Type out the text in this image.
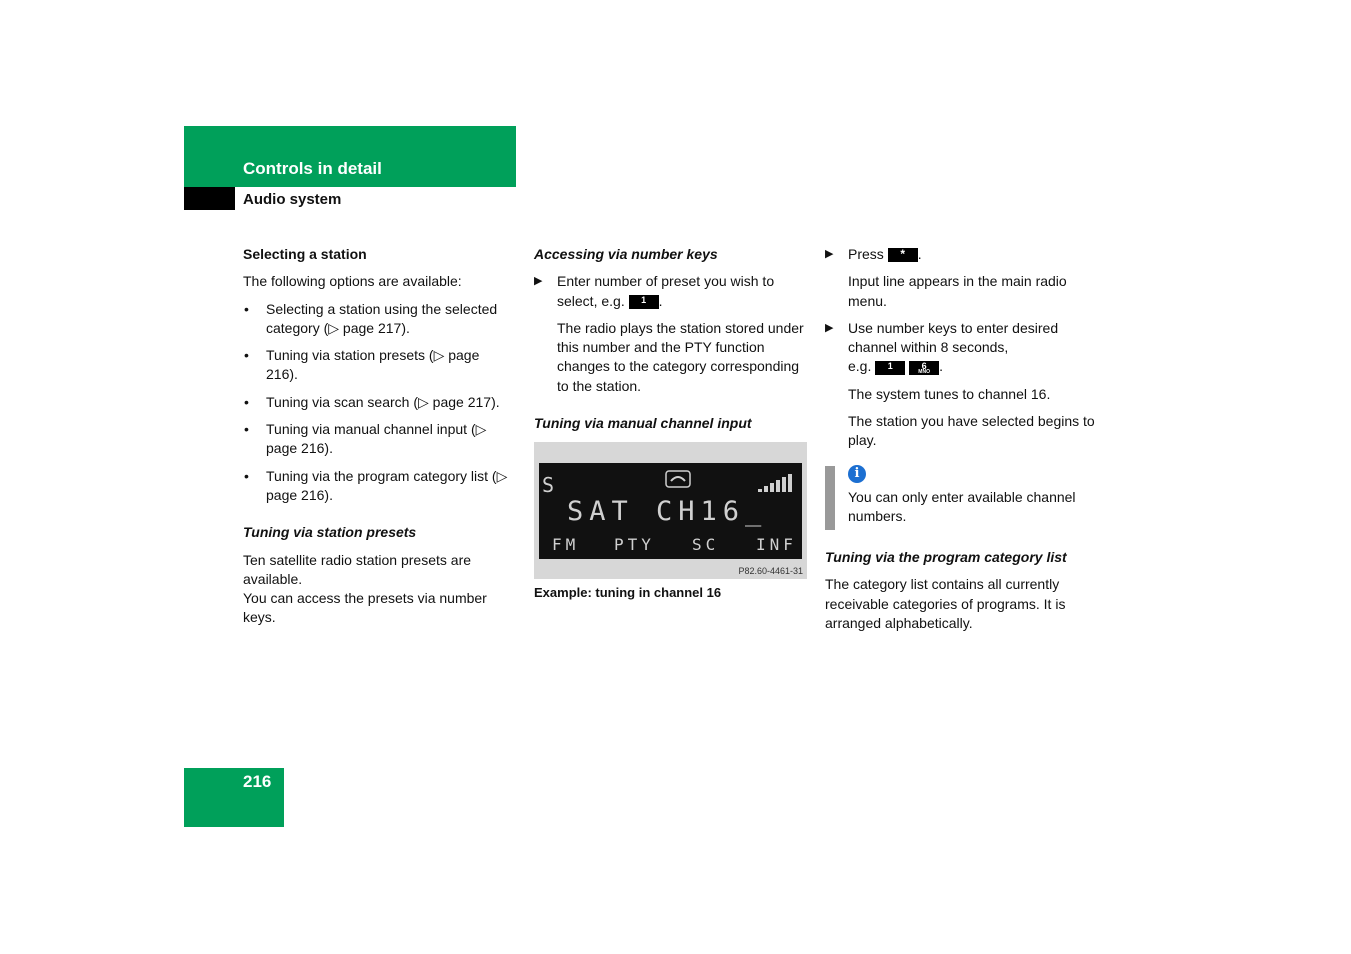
Controls in detail
Audio system

Selecting a station

The following options are available:

• Selecting a station using the selected category (▷ page 217).
• Tuning via station presets (▷ page 216).
• Tuning via scan search (▷ page 217).
• Tuning via manual channel input (▷ page 216).
• Tuning via the program category list (▷ page 216).

Tuning via station presets

Ten satellite radio station presets are available.

You can access the presets via number keys.

Accessing via number keys

▶ Enter number of preset you wish to select, e.g. 1 .

The radio plays the station stored under this number and the PTY function changes to the category corresponding to the station.

Tuning via manual channel input

S
SAT CH16_
FM PTY SC INF
P82.60-4461-31
Example: tuning in channel 16

▶ Press * .

Input line appears in the main radio menu.

▶ Use number keys to enter desired channel within 8 seconds,

e.g. 1	6
MNO .

The system tunes to channel 16.

The station you have selected begins to play.

i

You can only enter available channel numbers.

Tuning via the program category list

The category list contains all currently receivable categories of programs. It is arranged alphabetically.

216
